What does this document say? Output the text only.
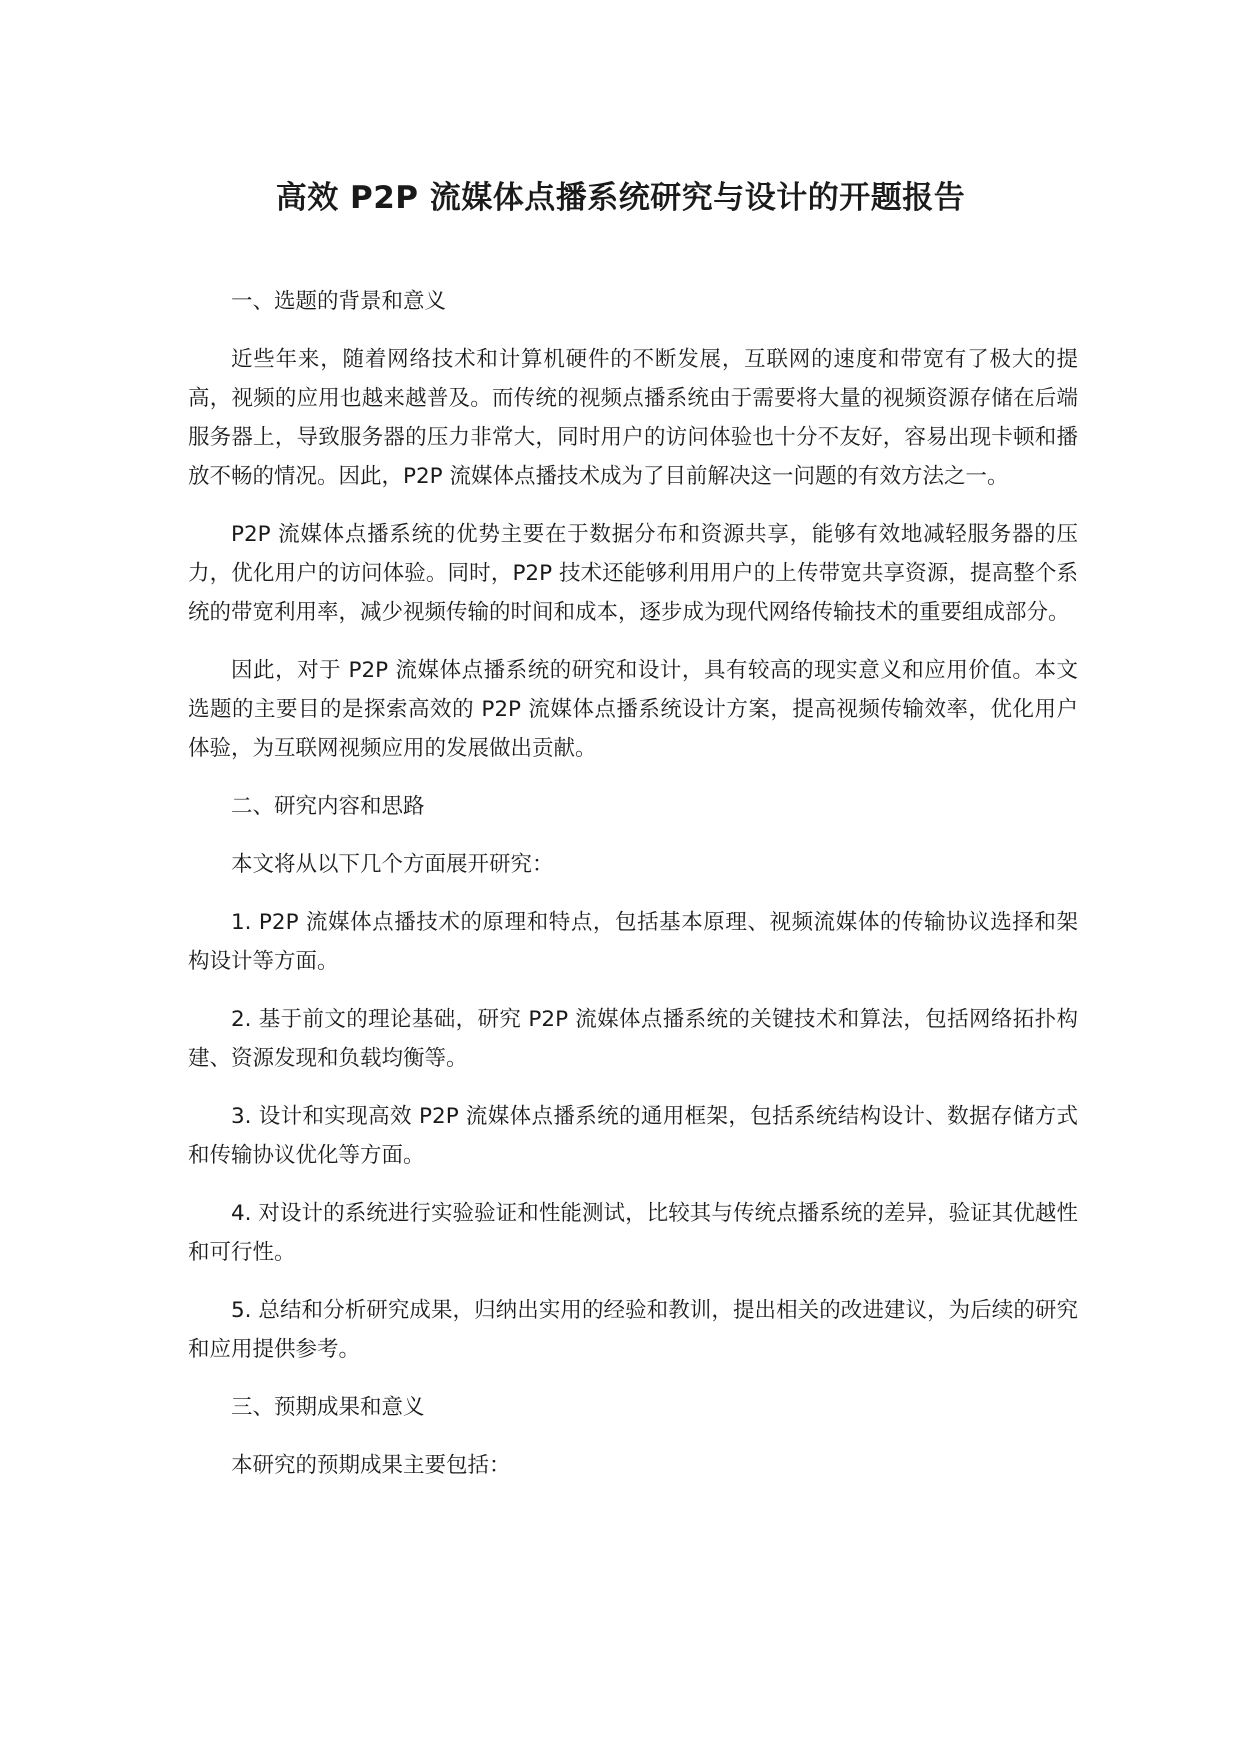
高效 P2P 流媒体点播系统研究与设计的开题报告

一、选题的背景和意义

近些年来，随着网络技术和计算机硬件的不断发展，互联网的速度和带宽有了极大的提高，视频的应用也越来越普及。而传统的视频点播系统由于需要将大量的视频资源存储在后端服务器上，导致服务器的压力非常大，同时用户的访问体验也十分不友好，容易出现卡顿和播放不畅的情况。因此，P2P 流媒体点播技术成为了目前解决这一问题的有效方法之一。

P2P 流媒体点播系统的优势主要在于数据分布和资源共享，能够有效地减轻服务器的压力，优化用户的访问体验。同时，P2P 技术还能够利用用户的上传带宽共享资源，提高整个系统的带宽利用率，减少视频传输的时间和成本，逐步成为现代网络传输技术的重要组成部分。

因此，对于 P2P 流媒体点播系统的研究和设计，具有较高的现实意义和应用价值。本文选题的主要目的是探索高效的 P2P 流媒体点播系统设计方案，提高视频传输效率，优化用户体验，为互联网视频应用的发展做出贡献。

二、研究内容和思路

本文将从以下几个方面展开研究：

1. P2P 流媒体点播技术的原理和特点，包括基本原理、视频流媒体的传输协议选择和架构设计等方面。

2. 基于前文的理论基础，研究 P2P 流媒体点播系统的关键技术和算法，包括网络拓扑构建、资源发现和负载均衡等。

3. 设计和实现高效 P2P 流媒体点播系统的通用框架，包括系统结构设计、数据存储方式和传输协议优化等方面。

4. 对设计的系统进行实验验证和性能测试，比较其与传统点播系统的差异，验证其优越性和可行性。

5. 总结和分析研究成果，归纳出实用的经验和教训，提出相关的改进建议，为后续的研究和应用提供参考。

三、预期成果和意义

本研究的预期成果主要包括：
